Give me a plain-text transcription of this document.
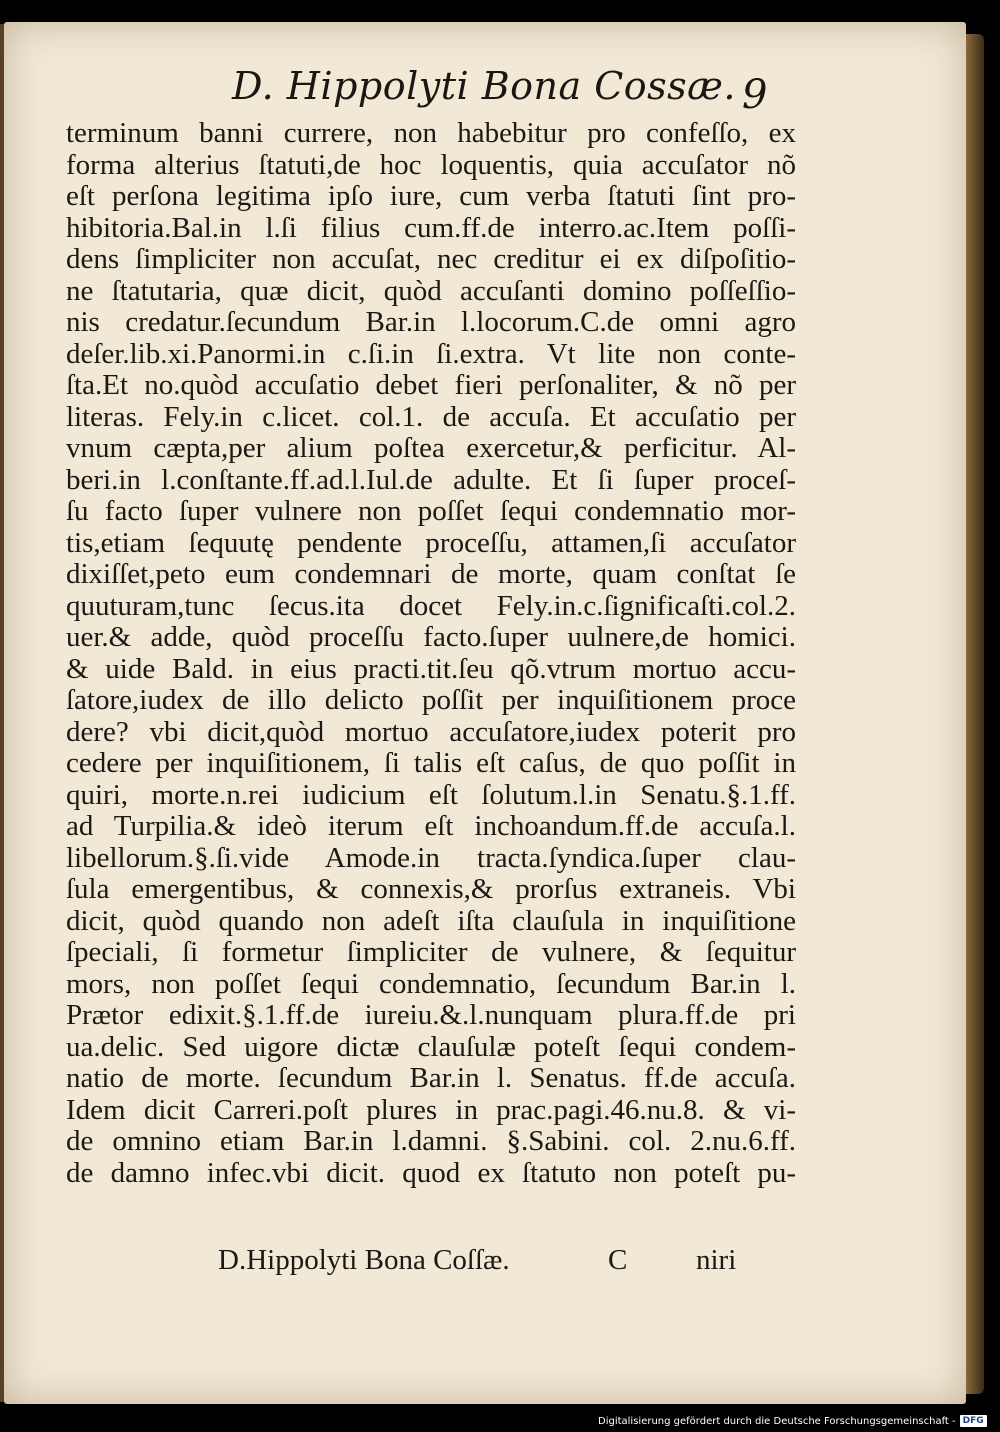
D. Hippolyti Bona Cossæ. 9
terminum banni currere, non habebitur pro confeſſo, ex
forma alterius ſtatuti,de hoc loquentis, quia accuſator nõ
eſt perſona legitima ipſo iure, cum verba ſtatuti ſint pro-
hibitoria.Bal.in l.ſi filius cum.ff.de interro.ac.Item poſſi-
dens ſimpliciter non accuſat, nec creditur ei ex diſpoſitio-
ne ſtatutaria, quæ dicit, quòd accuſanti domino poſſeſſio-
nis credatur.ſecundum Bar.in l.locorum.C.de omni agro
deſer.lib.xi.Panormi.in c.ſi.in ſi.extra. Vt lite non conte-
ſta.Et no.quòd accuſatio debet fieri perſonaliter, & nõ per
literas. Fely.in c.licet. col.1. de accuſa. Et accuſatio per
vnum cæpta,per alium poſtea exercetur,& perficitur. Al-
beri.in l.conſtante.ff.ad.l.Iul.de adulte. Et ſi ſuper proceſ-
ſu facto ſuper vulnere non poſſet ſequi condemnatio mor-
tis,etiam ſequutę pendente proceſſu, attamen,ſi accuſator
dixiſſet,peto eum condemnari de morte, quam conſtat ſe
quuturam,tunc ſecus.ita docet Fely.in.c.ſignificaſti.col.2.
uer.& adde, quòd proceſſu facto.ſuper uulnere,de homici.
& uide Bald. in eius practi.tit.ſeu qõ.vtrum mortuo accu-
ſatore,iudex de illo delicto poſſit per inquiſitionem proce
dere? vbi dicit,quòd mortuo accuſatore,iudex poterit pro
cedere per inquiſitionem, ſi talis eſt caſus, de quo poſſit in
quiri, morte.n.rei iudicium eſt ſolutum.l.in Senatu.§.1.ff.
ad Turpilia.& ideò iterum eſt inchoandum.ff.de accuſa.l.
libellorum.§.ſi.vide Amode.in tracta.ſyndica.ſuper clau-
ſula emergentibus, & connexis,& prorſus extraneis. Vbi
dicit, quòd quando non adeſt iſta clauſula in inquiſitione
ſpeciali, ſi formetur ſimpliciter de vulnere, & ſequitur
mors, non poſſet ſequi condemnatio, ſecundum Bar.in l.
Prætor edixit.§.1.ff.de iureiu.&.l.nunquam plura.ff.de pri
ua.delic. Sed uigore dictæ clauſulæ poteſt ſequi condem-
natio de morte. ſecundum Bar.in l. Senatus. ff.de accuſa.
Idem dicit Carreri.poſt plures in prac.pagi.46.nu.8. & vi-
de omnino etiam Bar.in l.damni. §.Sabini. col. 2.nu.6.ff.
de damno infec.vbi dicit. quod ex ſtatuto non poteſt pu-
D.Hippolyti Bona Coſſæ.	C niri
Digitalisierung gefördert durch die Deutsche Forschungsgemeinschaft - DFG
